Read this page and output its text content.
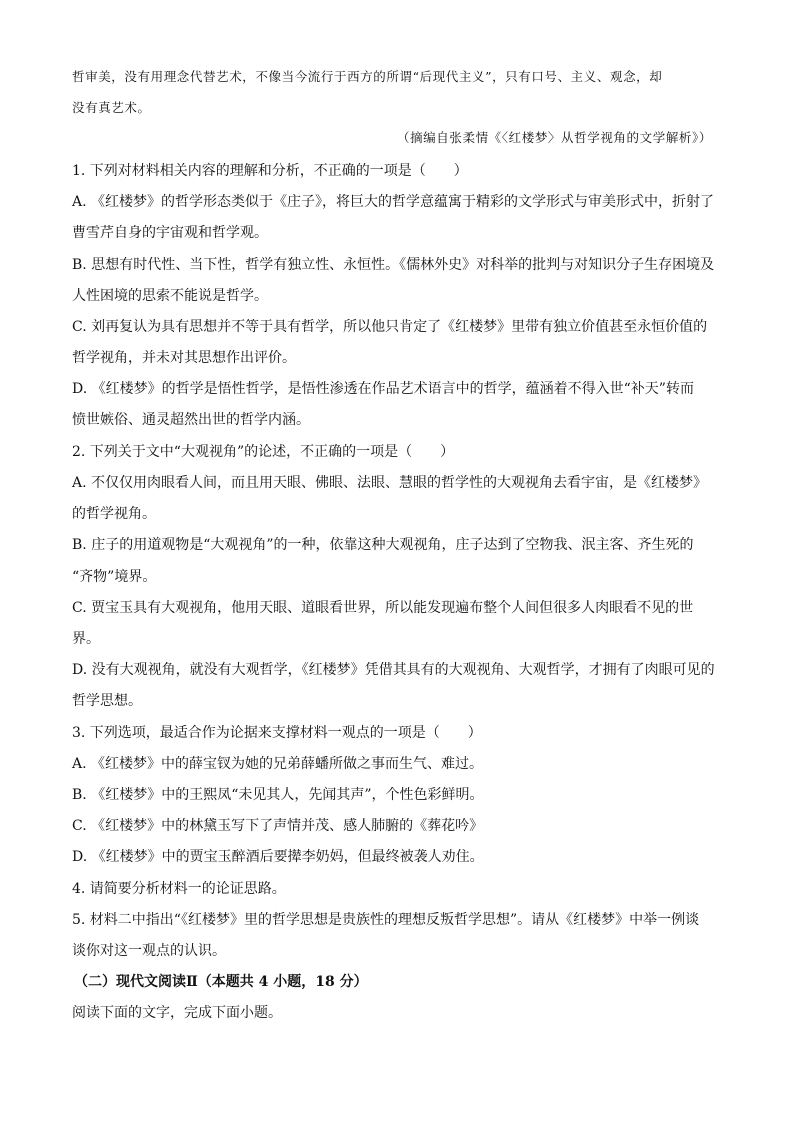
哲审美，没有用理念代替艺术，不像当今流行于西方的所谓“后现代主义”，只有口号、主义、观念，却
没有真艺术。
（摘编自张柔情《〈红楼梦〉从哲学视角的文学解析》）
1. 下列对材料相关内容的理解和分析，不正确的一项是（　　）
A. 《红楼梦》的哲学形态类似于《庄子》，将巨大的哲学意蕴寓于精彩的文学形式与审美形式中，折射了
曹雪芹自身的宇宙观和哲学观。
B. 思想有时代性、当下性，哲学有独立性、永恒性。《儒林外史》对科举的批判与对知识分子生存困境及
人性困境的思索不能说是哲学。
C. 刘再复认为具有思想并不等于具有哲学，所以他只肯定了《红楼梦》里带有独立价值甚至永恒价值的
哲学视角，并未对其思想作出评价。
D. 《红楼梦》的哲学是悟性哲学，是悟性渗透在作品艺术语言中的哲学，蕴涵着不得入世“补天”转而
愤世嫉俗、通灵超然出世的哲学内涵。
2. 下列关于文中“大观视角”的论述，不正确的一项是（　　）
A. 不仅仅用肉眼看人间，而且用天眼、佛眼、法眼、慧眼的哲学性的大观视角去看宇宙，是《红楼梦》
的哲学视角。
B. 庄子的用道观物是“大观视角”的一种，依靠这种大观视角，庄子达到了空物我、泯主客、齐生死的
“齐物”境界。
C. 贾宝玉具有大观视角，他用天眼、道眼看世界，所以能发现遍布整个人间但很多人肉眼看不见的世
界。
D. 没有大观视角，就没有大观哲学，《红楼梦》凭借其具有的大观视角、大观哲学，才拥有了肉眼可见的
哲学思想。
3. 下列选项，最适合作为论据来支撑材料一观点的一项是（　　）
A. 《红楼梦》中的薛宝钗为她的兄弟薛蟠所做之事而生气、难过。
B. 《红楼梦》中的王熙凤“未见其人，先闻其声”，个性色彩鲜明。
C. 《红楼梦》中的林黛玉写下了声情并茂、感人肺腑的《葬花吟》
D. 《红楼梦》中的贾宝玉醉酒后要撵李奶妈，但最终被袭人劝住。
4. 请简要分析材料一的论证思路。
5. 材料二中指出“《红楼梦》里的哲学思想是贵族性的理想反叛哲学思想”。请从《红楼梦》中举一例谈
谈你对这一观点的认识。
（二）现代文阅读Ⅱ（本题共 4 小题，18 分）
阅读下面的文字，完成下面小题。
